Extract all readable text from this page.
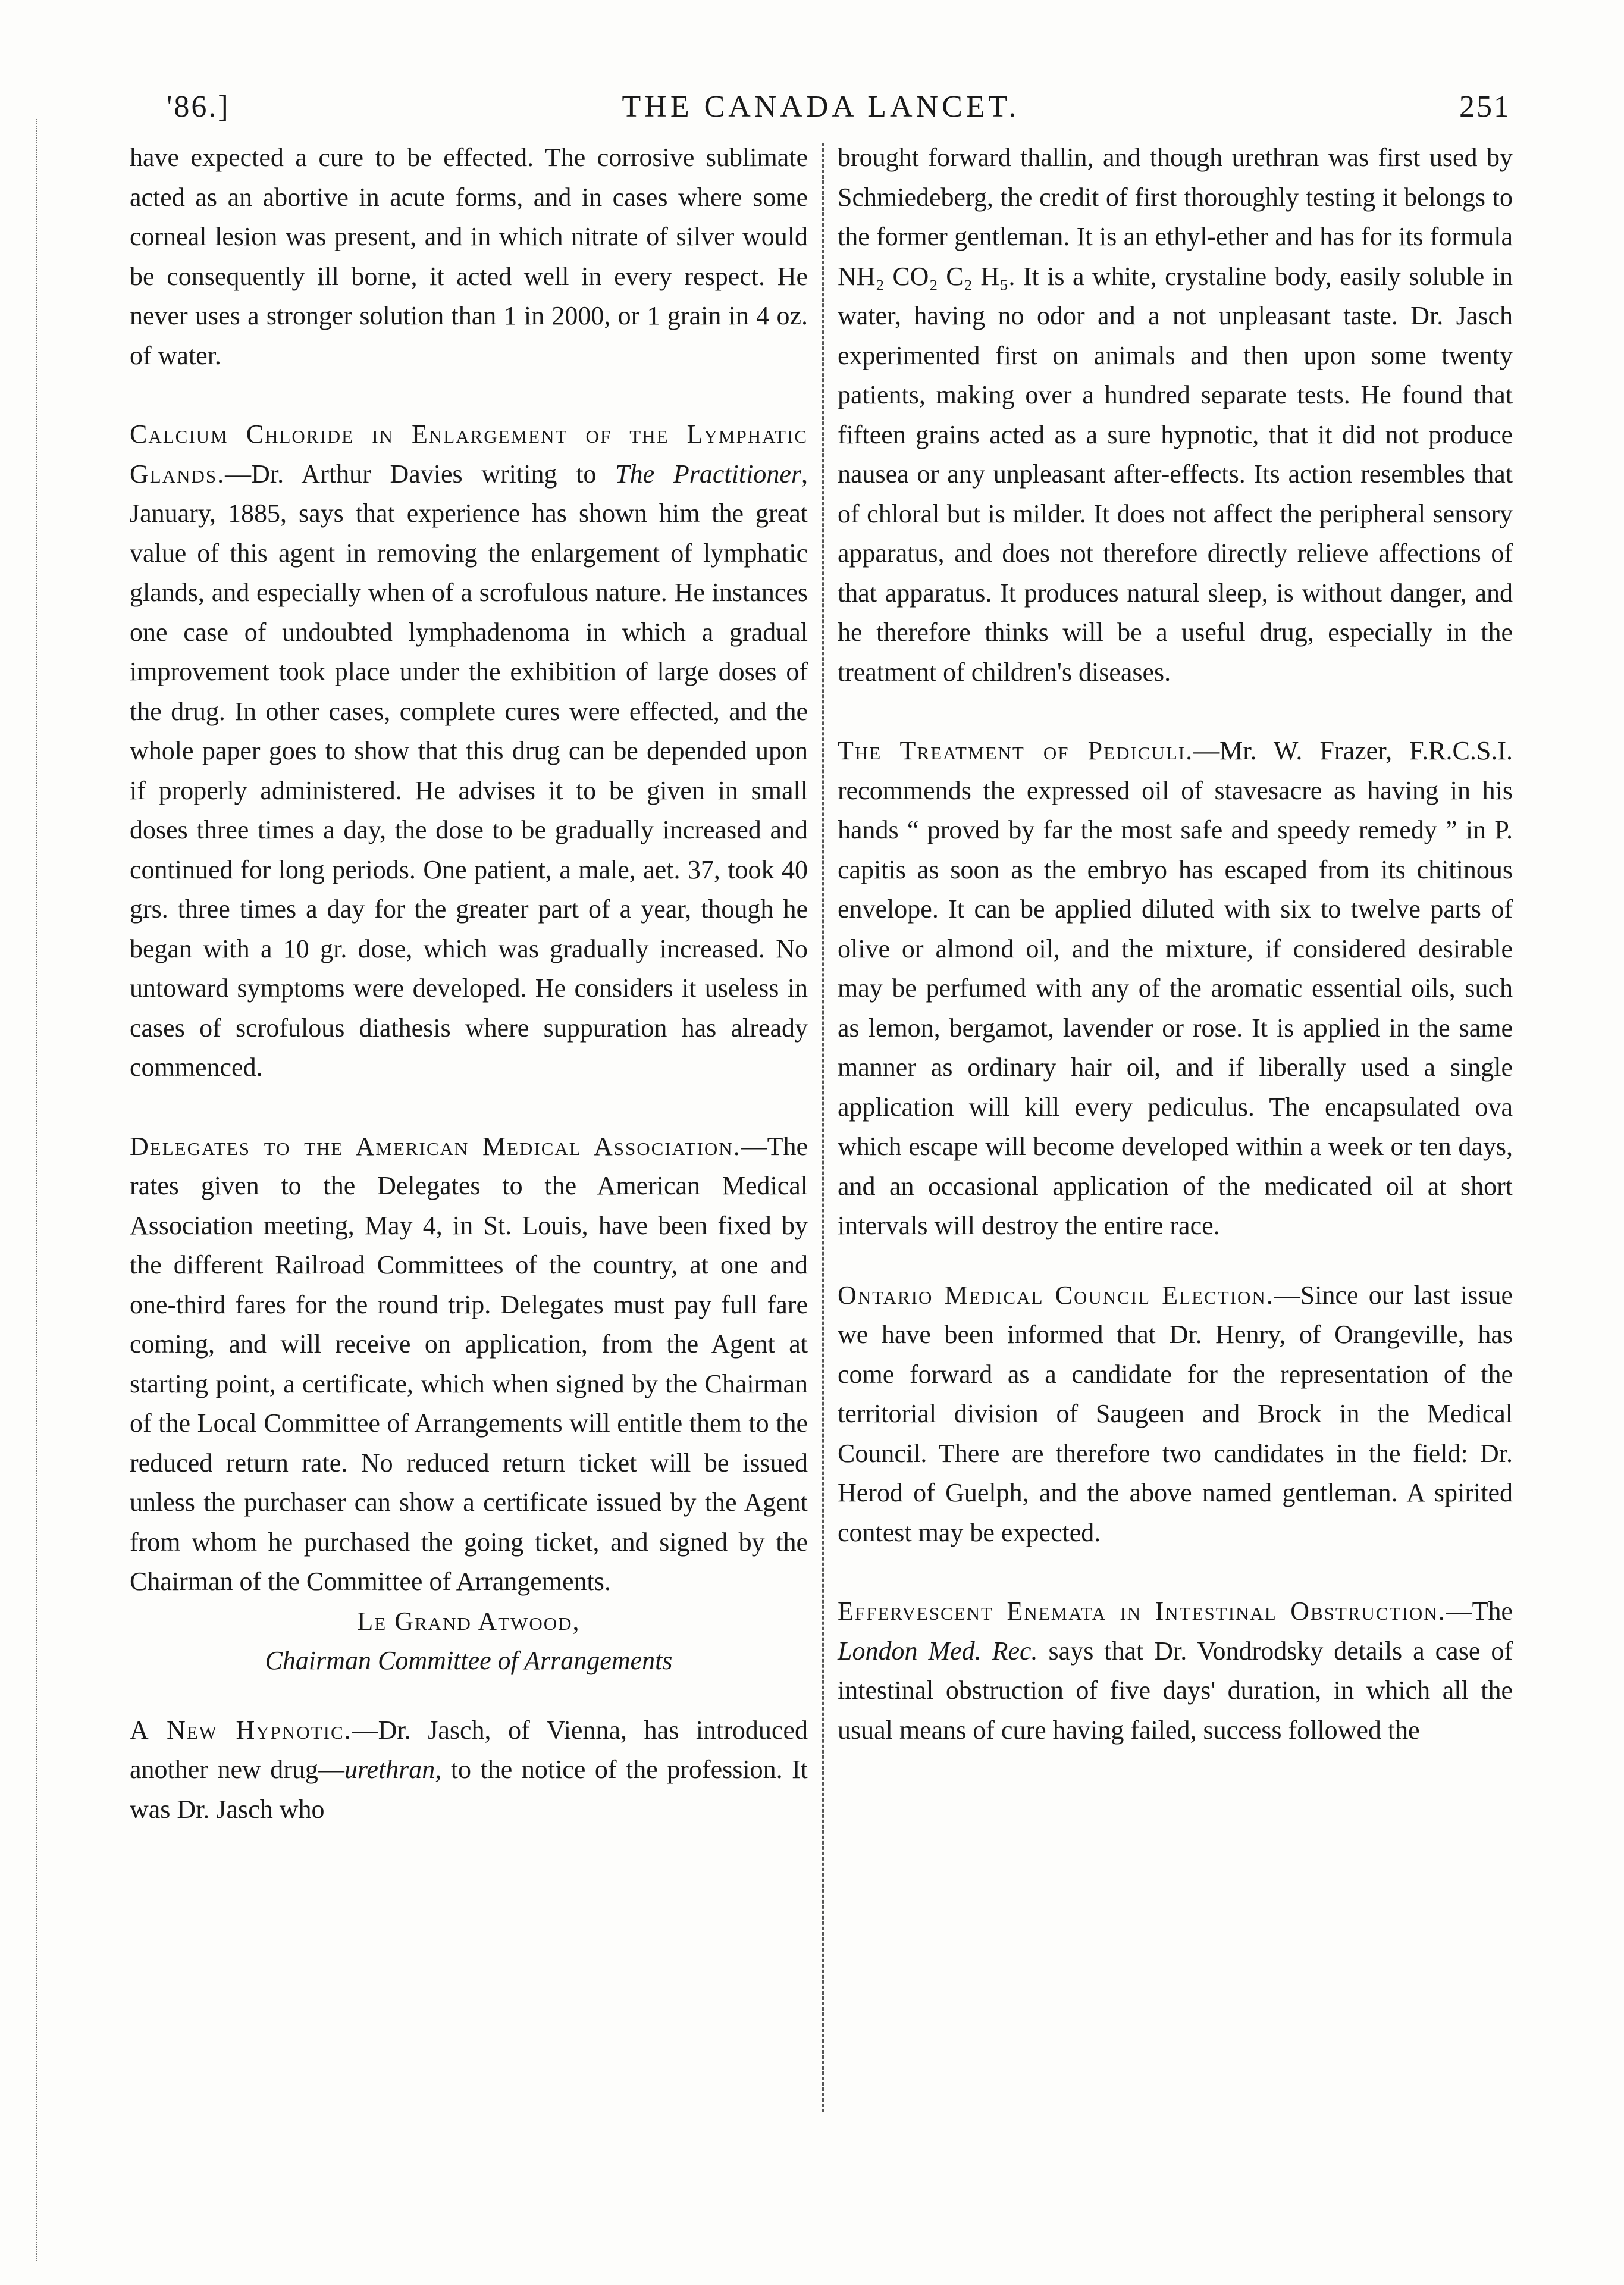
'86.]	THE CANADA LANCET.	251

have expected a cure to be effected. The corrosive sublimate acted as an abortive in acute forms, and in cases where some corneal lesion was present, and in which nitrate of silver would be consequently ill borne, it acted well in every respect. He never uses a stronger solution than 1 in 2000, or 1 grain in 4 oz. of water.

Calcium Chloride in Enlargement of the Lymphatic Glands.—Dr. Arthur Davies writing to The Practitioner, January, 1885, says that experience has shown him the great value of this agent in removing the enlargement of lymphatic glands, and especially when of a scrofulous nature. He instances one case of undoubted lymphadenoma in which a gradual improvement took place under the exhibition of large doses of the drug. In other cases, complete cures were effected, and the whole paper goes to show that this drug can be depended upon if properly administered. He advises it to be given in small doses three times a day, the dose to be gradually increased and continued for long periods. One patient, a male, aet. 37, took 40 grs. three times a day for the greater part of a year, though he began with a 10 gr. dose, which was gradually increased. No untoward symptoms were developed. He considers it useless in cases of scrofulous diathesis where suppuration has already commenced.

Delegates to the American Medical Association.—The rates given to the Delegates to the American Medical Association meeting, May 4, in St. Louis, have been fixed by the different Railroad Committees of the country, at one and one-third fares for the round trip. Delegates must pay full fare coming, and will receive on application, from the Agent at starting point, a certificate, which when signed by the Chairman of the Local Committee of Arrangements will entitle them to the reduced return rate. No reduced return ticket will be issued unless the purchaser can show a certificate issued by the Agent from whom he purchased the going ticket, and signed by the Chairman of the Committee of Arrangements.

Le Grand Atwood,

Chairman Committee of Arrangements

A New Hypnotic.—Dr. Jasch, of Vienna, has introduced another new drug—urethran, to the notice of the profession. It was Dr. Jasch who

brought forward thallin, and though urethran was first used by Schmiedeberg, the credit of first thoroughly testing it belongs to the former gentleman. It is an ethyl-ether and has for its formula NH₂ CO₂ C₂ H₅. It is a white, crystaline body, easily soluble in water, having no odor and a not unpleasant taste. Dr. Jasch experimented first on animals and then upon some twenty patients, making over a hundred separate tests. He found that fifteen grains acted as a sure hypnotic, that it did not produce nausea or any unpleasant after-effects. Its action resembles that of chloral but is milder. It does not affect the peripheral sensory apparatus, and does not therefore directly relieve affections of that apparatus. It produces natural sleep, is without danger, and he therefore thinks will be a useful drug, especially in the treatment of children's diseases.

The Treatment of Pediculi.—Mr. W. Frazer, F.R.C.S.I. recommends the expressed oil of stavesacre as having in his hands “ proved by far the most safe and speedy remedy ” in P. capitis as soon as the embryo has escaped from its chitinous envelope. It can be applied diluted with six to twelve parts of olive or almond oil, and the mixture, if considered desirable may be perfumed with any of the aromatic essential oils, such as lemon, bergamot, lavender or rose. It is applied in the same manner as ordinary hair oil, and if liberally used a single application will kill every pediculus. The encapsulated ova which escape will become developed within a week or ten days, and an occasional application of the medicated oil at short intervals will destroy the entire race.

Ontario Medical Council Election.—Since our last issue we have been informed that Dr. Henry, of Orangeville, has come forward as a candidate for the representation of the territorial division of Saugeen and Brock in the Medical Council. There are therefore two candidates in the field: Dr. Herod of Guelph, and the above named gentleman. A spirited contest may be expected.

Effervescent Enemata in Intestinal Obstruction.—The London Med. Rec. says that Dr. Vondrodsky details a case of intestinal obstruction of five days' duration, in which all the usual means of cure having failed, success followed the
